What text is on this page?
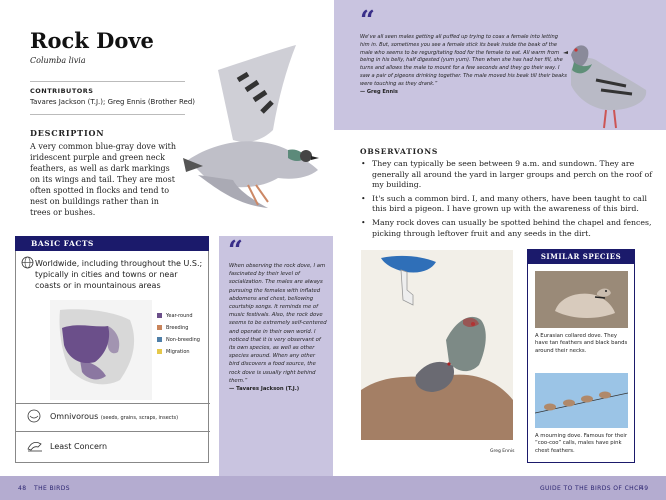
Rock Dove
Columba livia
CONTRIBUTORS
Tavares Jackson (T.J.); Greg Ennis (Brother Red)
DESCRIPTION
A very common blue-gray dove with iridescent purple and green neck feathers, as well as dark markings on its wings and tail. They are most often spotted in flocks and tend to nest on buildings rather than in trees or bushes.
BASIC FACTS
Worldwide, including throughout the U.S.; typically in cities and towns or near coasts or in mountainous areas
Year-round
Breeding
Non-breeding
Migration
Omnivorous (seeds, grains, scraps, insects)
Least Concern
“
When observing the rock dove, I am fascinated by their level of socialization. The males are always pursuing the females with inflated abdomens and chest, bellowing courtship songs. It reminds me of music festivals. Also, the rock dove seems to be extremely self-centered and operate in their own world. I noticed that it is very observant of its own species, as well as other species around. When any other bird discovers a food source, the rock dove is usually right behind them.”
— Tavares Jackson (T.J.)
“
We've all seen males getting all puffed up trying to coax a female into letting him in. But, sometimes you see a female stick its beak inside the beak of the male who seems to be regurgitating food for the female to eat. All warm from being in his belly, half digested (yum yum). Then when she has had her fill, she turns and allows the male to mount for a few seconds and they go their way. I saw a pair of pigeons drinking together. The male moved his beak till their beaks were touching as they drank.”
— Greg Ennis
OBSERVATIONS
• They can typically be seen between 9 a.m. and sundown. They are generally all around the yard in larger groups and perch on the roof of my building.
• It's such a common bird. I, and many others, have been taught to call this bird a pigeon. I have grown up with the awareness of this bird.
• Many rock doves can usually be spotted behind the chapel and fences, picking through leftover fruit and any seeds in the dirt.
Greg Ennis
SIMILAR SPECIES
A Eurasian collared dove. They have tan feathers and black bands around their necks.
A mourning dove. Famous for their “coo-coo” calls, males have pink chest feathers.
48 THE BIRDS	GUIDE TO THE BIRDS OF CHCF
49
